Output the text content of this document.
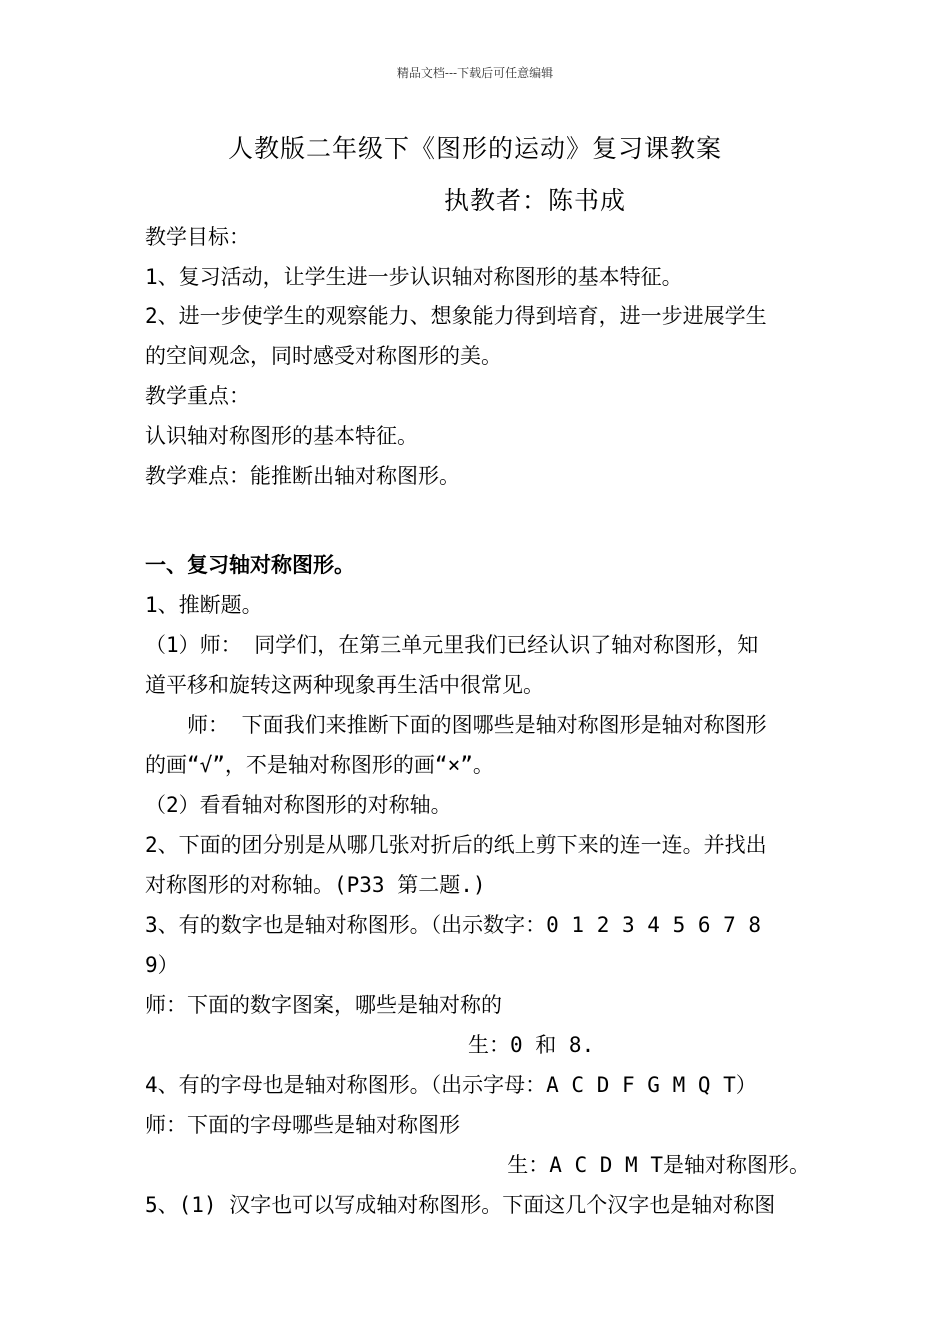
精品文档---下载后可任意编辑
人教版二年级下《图形的运动》复习课教案
执教者：陈书成
教学目标：
1、复习活动，让学生进一步认识轴对称图形的基本特征。
2、进一步使学生的观察能力、想象能力得到培育，进一步进展学生
的空间观念，同时感受对称图形的美。
教学重点：
认识轴对称图形的基本特征。
教学难点：能推断出轴对称图形。
一、复习轴对称图形。
1、推断题。
（1）师： 同学们，在第三单元里我们已经认识了轴对称图形，知
道平移和旋转这两种现象再生活中很常见。
师： 下面我们来推断下面的图哪些是轴对称图形是轴对称图形
的画“√”，不是轴对称图形的画“×”。
（2）看看轴对称图形的对称轴。
2、下面的团分别是从哪几张对折后的纸上剪下来的连一连。并找出
对称图形的对称轴。(P33 第二题.)
3、有的数字也是轴对称图形。（出示数字：0 1 2 3 4 5 6 7 8
9）
师：下面的数字图案，哪些是轴对称的
生：0 和 8.
4、有的字母也是轴对称图形。（出示字母：A C D F G M Q T）
师：下面的字母哪些是轴对称图形
生：A C D M T是轴对称图形。
5、(1) 汉字也可以写成轴对称图形。下面这几个汉字也是轴对称图
